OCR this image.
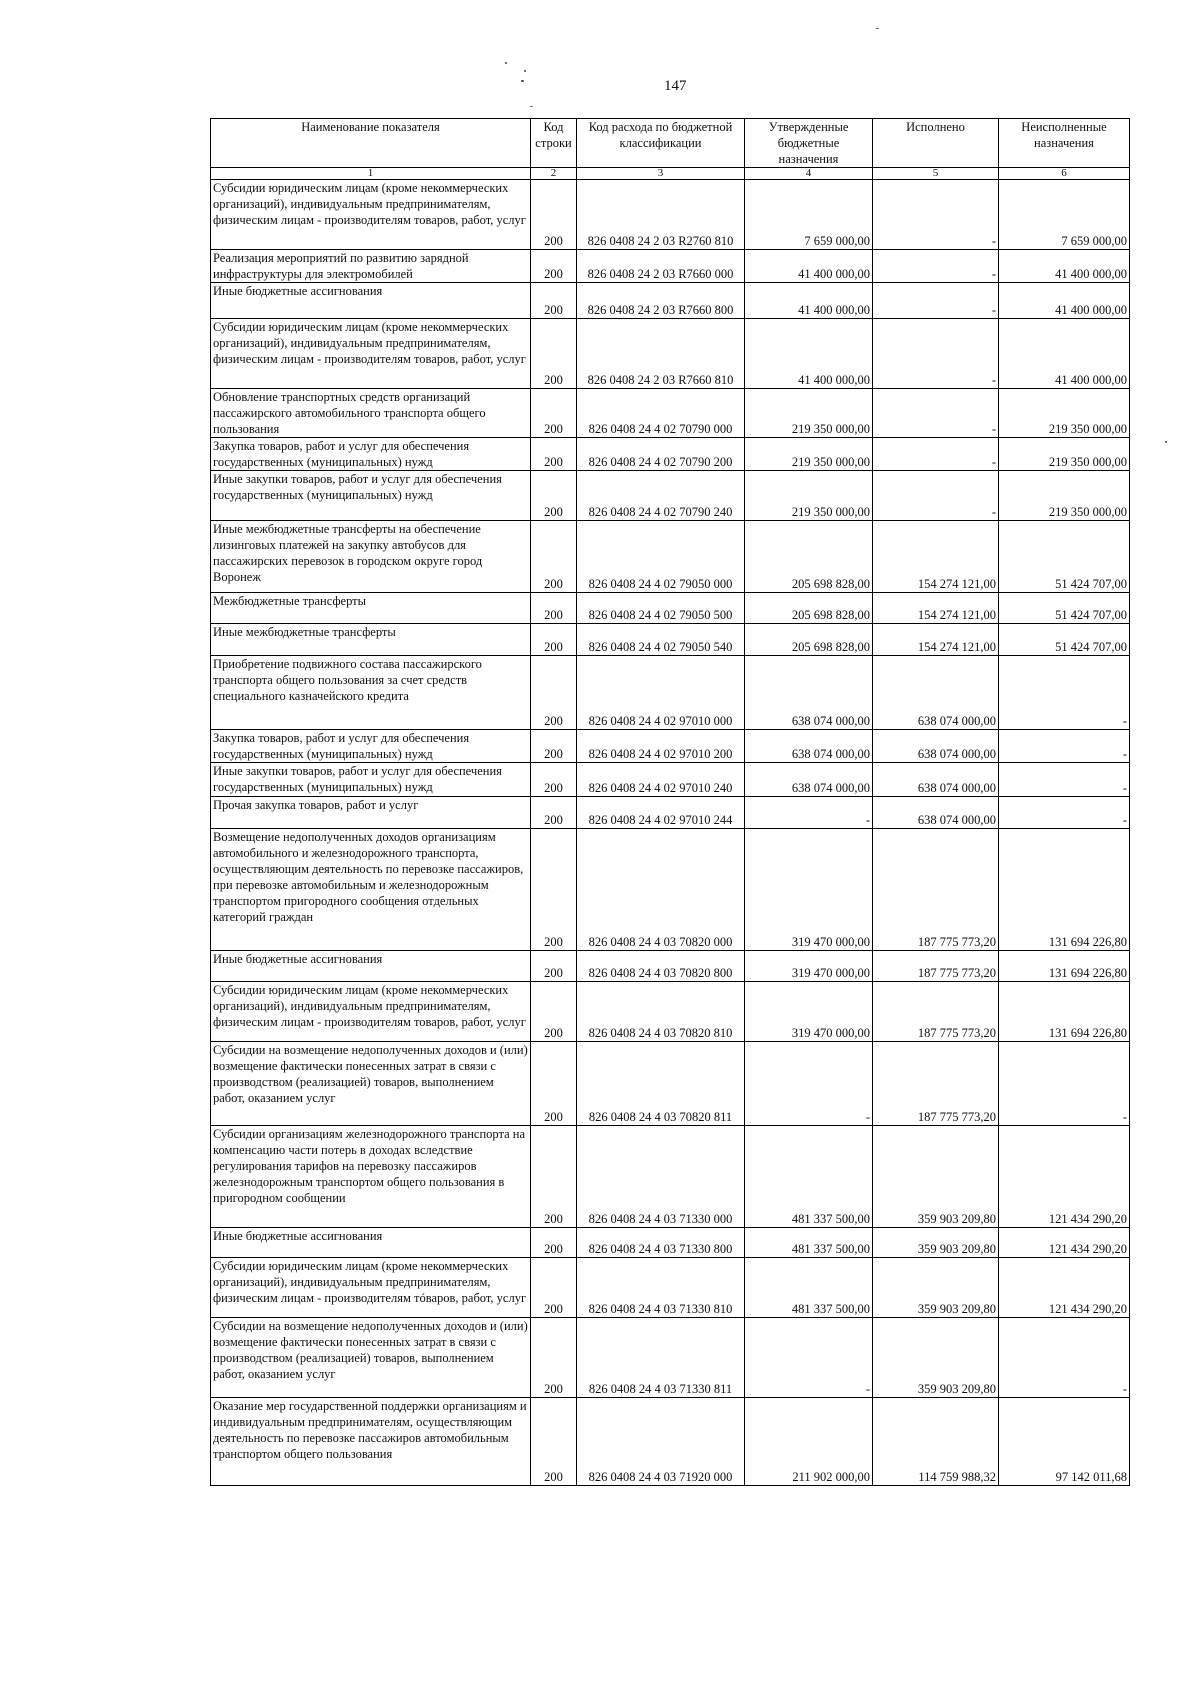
147
Наименование показателя	Код строки	Код расхода по бюджетной классификации	Утвержденные бюджетные назначения	Исполнено	Неисполненные назначения
1	2	3	4	5	6
Субсидии юридическим лицам (кроме некоммерческих организаций), индивидуальным предпринимателям, физическим лицам - производителям товаров, работ, услуг	200	826 0408 24 2 03 R2760 810	7 659 000,00	-	7 659 000,00
Реализация мероприятий по развитию зарядной инфраструктуры для электромобилей	200	826 0408 24 2 03 R7660 000	41 400 000,00	-	41 400 000,00
Иные бюджетные ассигнования	200	826 0408 24 2 03 R7660 800	41 400 000,00	-	41 400 000,00
Субсидии юридическим лицам (кроме некоммерческих организаций), индивидуальным предпринимателям, физическим лицам - производителям товаров, работ, услуг	200	826 0408 24 2 03 R7660 810	41 400 000,00	-	41 400 000,00
Обновление транспортных средств организаций пассажирского автомобильного транспорта общего пользования	200	826 0408 24 4 02 70790 000	219 350 000,00	-	219 350 000,00
Закупка товаров, работ и услуг для обеспечения государственных (муниципальных) нужд	200	826 0408 24 4 02 70790 200	219 350 000,00	-	219 350 000,00
Иные закупки товаров, работ и услуг для обеспечения государственных (муниципальных) нужд	200	826 0408 24 4 02 70790 240	219 350 000,00	-	219 350 000,00
Иные межбюджетные трансферты на обеспечение лизинговых платежей на закупку автобусов для пассажирских перевозок в городском округе город Воронеж	200	826 0408 24 4 02 79050 000	205 698 828,00	154 274 121,00	51 424 707,00
Межбюджетные трансферты	200	826 0408 24 4 02 79050 500	205 698 828,00	154 274 121,00	51 424 707,00
Иные межбюджетные трансферты	200	826 0408 24 4 02 79050 540	205 698 828,00	154 274 121,00	51 424 707,00
Приобретение подвижного состава пассажирского транспорта общего пользования за счет средств специального казначейского кредита	200	826 0408 24 4 02 97010 000	638 074 000,00	638 074 000,00	-
Закупка товаров, работ и услуг для обеспечения государственных (муниципальных) нужд	200	826 0408 24 4 02 97010 200	638 074 000,00	638 074 000,00	-
Иные закупки товаров, работ и услуг для обеспечения государственных (муниципальных) нужд	200	826 0408 24 4 02 97010 240	638 074 000,00	638 074 000,00	-
Прочая закупка товаров, работ и услуг	200	826 0408 24 4 02 97010 244	-	638 074 000,00	-
Возмещение недополученных доходов организациям автомобильного и железнодорожного транспорта, осуществляющим деятельность по перевозке пассажиров, при перевозке автомобильным и железнодорожным транспортом пригородного сообщения отдельных категорий граждан	200	826 0408 24 4 03 70820 000	319 470 000,00	187 775 773,20	131 694 226,80
Иные бюджетные ассигнования	200	826 0408 24 4 03 70820 800	319 470 000,00	187 775 773,20	131 694 226,80
Субсидии юридическим лицам (кроме некоммерческих организаций), индивидуальным предпринимателям, физическим лицам - производителям товаров, работ, услуг	200	826 0408 24 4 03 70820 810	319 470 000,00	187 775 773,20	131 694 226,80
Субсидии на возмещение недополученных доходов и (или) возмещение фактически понесенных затрат в связи с производством (реализацией) товаров, выполнением работ, оказанием услуг	200	826 0408 24 4 03 70820 811	-	187 775 773,20	-
Субсидии организациям железнодорожного транспорта на компенсацию части потерь в доходах вследствие регулирования тарифов на перевозку пассажиров железнодорожным транспортом общего пользования в пригородном сообщении	200	826 0408 24 4 03 71330 000	481 337 500,00	359 903 209,80	121 434 290,20
Иные бюджетные ассигнования	200	826 0408 24 4 03 71330 800	481 337 500,00	359 903 209,80	121 434 290,20
Субсидии юридическим лицам (кроме некоммерческих организаций), индивидуальным предпринимателям, физическим лицам - производителям тóваров, работ, услуг	200	826 0408 24 4 03 71330 810	481 337 500,00	359 903 209,80	121 434 290,20
Субсидии на возмещение недополученных доходов и (или) возмещение фактически понесенных затрат в связи с производством (реализацией) товаров, выполнением работ, оказанием услуг	200	826 0408 24 4 03 71330 811	-	359 903 209,80	-
Оказание мер государственной поддержки организациям и индивидуальным предпринимателям, осуществляющим деятельность по перевозке пассажиров автомобильным транспортом общего пользования	200	826 0408 24 4 03 71920 000	211 902 000,00	114 759 988,32	97 142 011,68
